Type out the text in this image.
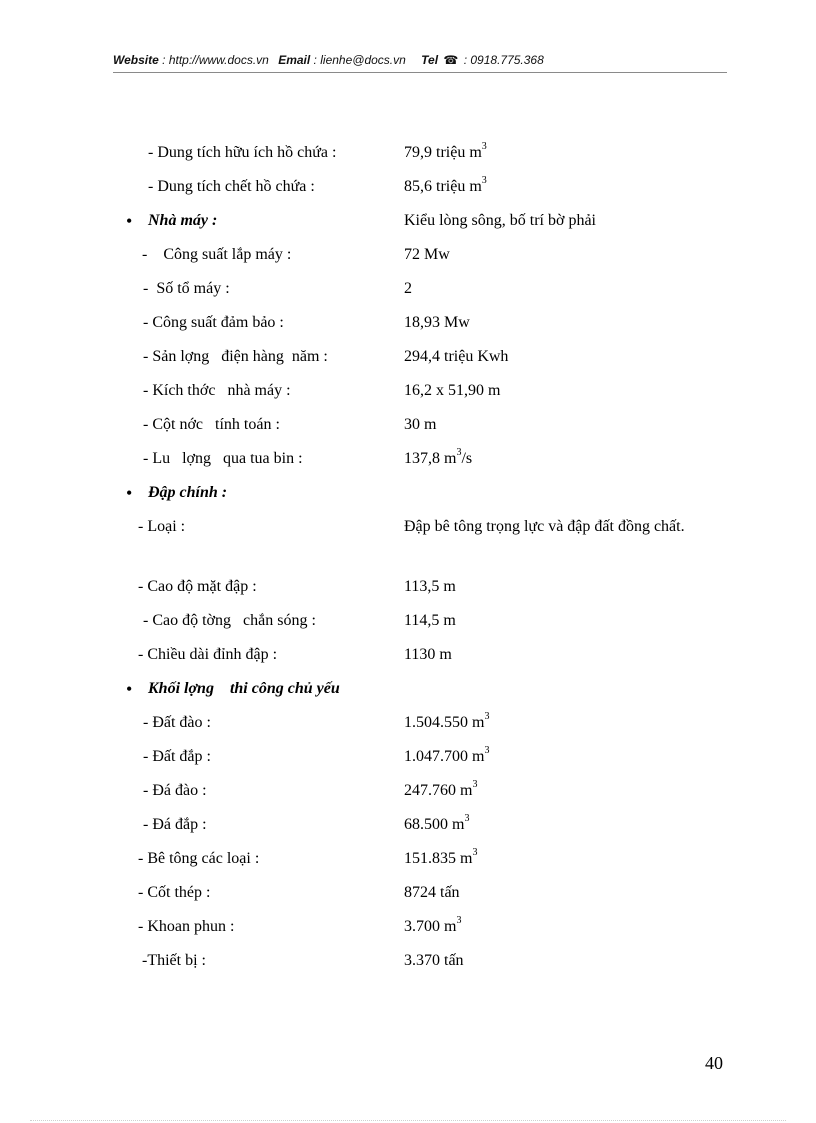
Website : http://www.docs.vn Email : lienhe@docs.vn Tel ☎ : 0918.775.368

- Dung tích hữu ích hồ chứa :

	79,9 triệu $m^3$

- Dung tích chết hồ chứa :

	85,6 triệu $m^3$

•

Nhà máy :

	Kiểu lòng sông, bố trí bờ phải

-    Công suất lắp máy :

	72 Mw

-  Số tổ máy :

	2

- Công suất đảm bảo :

	18,93 Mw

- Sản lợng   điện hàng  năm :

	294,4 triệu Kwh

- Kích thớc   nhà máy :

	16,2 x 51,90 m

- Cột nớc   tính toán :

	30 m

- Lu   lợng   qua tua bin :

	137,8 $m^3/s$

•

Đập chính :

- Loại :

	Đập bê tông trọng lực và đập đất đồng chất.

- Cao độ mặt đập :

	113,5 m

- Cao độ tờng   chắn sóng :

	114,5 m

- Chiều dài đỉnh đập :

	1130 m

•

Khối lợng    thi công chủ yếu

- Đất đào :

	1.504.550 $m^3$

- Đất đắp :

	1.047.700 $m^3$

- Đá đào :

	247.760 $m^3$

- Đá đắp :

	68.500 $m^3$

- Bê tông các loại :

	151.835 $m^3$

- Cốt thép :

	8724 tấn

- Khoan phun :

	3.700 $m^3$

-Thiết bị :

	3.370 tấn

40
